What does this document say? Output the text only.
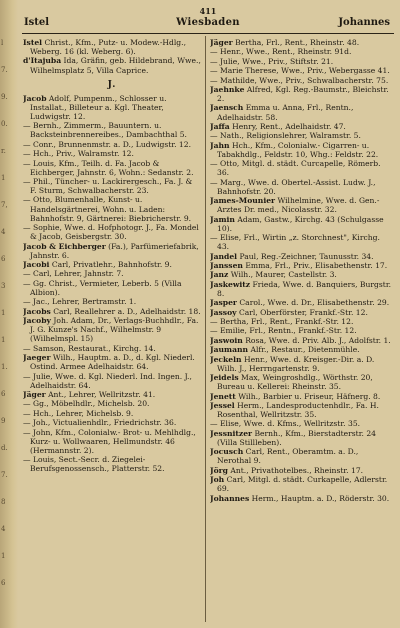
l
7.
9.
0.
r.
1
7,
4
6
3
1
1
1.
6
9
d.
7.
8
4
1
6
411
Istel	Wiesbaden	Johannes

Istel Christ., Kfm., Putz- u. Modew.-Hdlg., Weberg. 16 (kl. Weberg. 6).

d'Itajuba Ida, Gräfin, geb. Hildebrand, Wwe., Wilhelmsplatz 5, Villa Caprice.

J.

Jacob Adolf, Pumpenm., Schlosser u. Installat., Billeteur a. Kgl. Theater, Ludwigstr. 12.

— Bernh., Zimmerm., Bauuntern. u. Backsteinbrennereibes., Dambachthal 5.

— Conr., Brunnenmstr. a. D., Ludwigstr. 12.

— Hch., Priv., Walramstr. 12.

— Louis, Kfm., Teilh. d. Fa. Jacob & Eichberger, Jahnstr. 6, Wohn.: Sedanstr. 2.

— Phil., Tüncher- u. Lackirergesch., Fa. J. & F. Sturm, Schwalbacherstr. 23.

— Otto, Blumenhalle, Kunst- u. Handelsgärtnerei, Wohn. u. Laden: Bahnhofstr. 9, Gärtnerei: Biebricherstr. 9.

— Sophie, Wwe. d. Hofphotogr. J., Fa. Mondel & Jacob, Geisbergstr. 30.

Jacob & Eichberger (Fa.), Parfümeriefabrik, Jahnstr. 6.

Jacobi Carl, Privatlehr., Bahnhofstr. 9.

— Carl, Lehrer, Jahnstr. 7.

— Gg. Christ., Vermieter, Leberb. 5 (Villa Albion).

— Jac., Lehrer, Bertramstr. 1.

Jacobs Carl, Reallehrer a. D., Adelhaidstr. 18.

Jacoby Joh. Adam, Dr., Verlags-Buchhdlr., Fa. J. G. Kunze's Nachf., Wilhelmstr. 9 (Wilhelmspl. 15)

— Samson, Restaurat., Kirchg. 14.

Jaeger Wilh., Hauptm. a. D., d. Kgl. Niederl. Ostind. Armee Adelhaidstr. 64.

— Julie, Wwe. d. Kgl. Niederl. Ind. Ingen. J., Adelhaidstr. 64.

Jäger Ant., Lehrer, Wellritzstr. 41.

— Gg., Möbelhdlr., Michelsb. 20.

— Hch., Lehrer, Michelsb. 9.

— Joh., Victualienhdlr., Friedrichstr. 36.

— John, Kfm., Colonialw.- Brot- u. Mehlhdlg., Kurz- u. Wollwaaren, Hellmundstr. 46 (Hermannstr. 2).

— Louis, Sect.-Secr. d. Ziegelei-Berufsgenossensch., Platterstr. 52.

Jäger Bertha, Frl., Rent., Rheinstr. 48.

— Henr., Wwe., Rent., Rheinstr. 91d.

— Julie, Wwe., Priv., Stiftstr. 21.

— Marie Therese, Wwe., Priv., Webergasse 41.

— Mathilde, Wwe., Priv., Schwalbacherstr. 75.

Jaehnke Alfred, Kgl. Reg.-Baumstr., Bleichstr. 2.

Jaensch Emma u. Anna, Frl., Rentn., Adelhaidstr. 58.

Jaffa Henry, Rent., Adelhaidstr. 47.

— Nath., Religionslehrer, Walramstr. 5.

Jahn Hch., Kfm., Colonialw.- Cigarren- u. Tabakhdlg., Feldstr. 10, Whg.: Feldstr. 22.

— Otto, Mitgl. d. städt. Curcapelle, Römerb. 36.

— Marg., Wwe. d. Obertel.-Assist. Ludw. J., Bahnhofstr. 20.

James-Mounier Wilhelmine, Wwe. d. Gen.-Arztes Dr. med., Nicolasstr. 32.

Jamin Adam, Gastw., Kirchg. 43 (Schulgasse 10).

— Elise, Frl., Wirtin „z. Storchnest", Kirchg. 43.

Jandel Paul, Reg.-Zeichner, Taunusstr. 34.

Janssen Emma, Frl., Priv., Elisabethenstr. 17.

Janz Wilh., Maurer, Castellstr. 3.

Jaskewitz Frieda, Wwe. d. Banquiers, Burgstr. 8.

Jasper Carol., Wwe. d. Dr., Elisabethenstr. 29.

Jassoy Carl, Oberförster, Frankf.-Str. 12.

— Bertha, Frl., Rent., Frankf.-Str. 12.

— Emilie, Frl., Rentn., Frankf.-Str. 12.

Jaswoin Rosa, Wwe. d. Priv. Alb. J., Adolfstr. 1.

Jaumann Alfr., Restaur., Dietenmühle.

Jeckeln Henr., Wwe. d. Kreisger.-Dir. a. D. Wilh. J., Herrngartenstr. 9.

Jeidels Max, Weingroshdlg., Wörthstr. 20, Bureau u. Kellerei: Rheinstr. 35.

Jenett Wilh., Barbier u. Friseur, Häfnerg. 8.

Jessel Herm., Landesproductenhdlr., Fa. H. Rosenthal, Wellritzstr. 35.

— Elise, Wwe. d. Kfms., Wellritzstr. 35.

Jessnitzer Bernh., Kfm., Bierstadterstr. 24 (Villa Stillleben).

Jocusch Carl, Rent., Oberamtm. a. D., Nerothal 9.

Jörg Ant., Privathotelbes., Rheinstr. 17.

Joh Carl, Mitgl. d. städt. Curkapelle, Adlerstr. 69.

Johannes Herm., Hauptm. a. D., Röderstr. 30.
